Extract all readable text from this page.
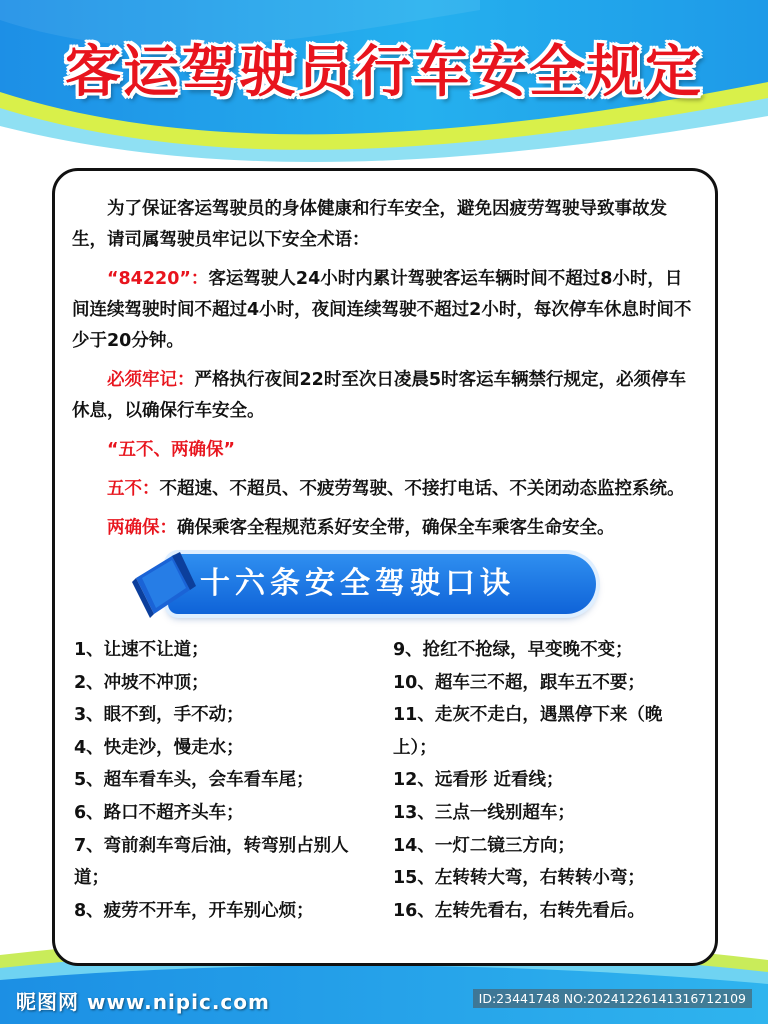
客运驾驶员行车安全规定

为了保证客运驾驶员的身体健康和行车安全，避免因疲劳驾驶导致事故发生，请司属驾驶员牢记以下安全术语：

“84220”：客运驾驶人24小时内累计驾驶客运车辆时间不超过8小时，日间连续驾驶时间不超过4小时，夜间连续驾驶不超过2小时，每次停车休息时间不少于20分钟。

必须牢记：严格执行夜间22时至次日凌晨5时客运车辆禁行规定，必须停车休息，以确保行车安全。

“五不、两确保”

五不：不超速、不超员、不疲劳驾驶、不接打电话、不关闭动态监控系统。

两确保：确保乘客全程规范系好安全带，确保全车乘客生命安全。

十六条安全驾驶口诀
1、让速不让道；
2、冲坡不冲顶；
3、眼不到，手不动；
4、快走沙，慢走水；
5、超车看车头，会车看车尾；
6、路口不超齐头车；
7、弯前刹车弯后油，转弯别占别人道；
8、疲劳不开车，开车别心烦；
9、抢红不抢绿，早变晚不变；
10、超车三不超，跟车五不要；
11、走灰不走白，遇黑停下来（晚上）；
12、远看形 近看线；
13、三点一线别超车；
14、一灯二镜三方向；
15、左转转大弯，右转转小弯；
16、左转先看右，右转先看后。
昵图网 www.nipic.com	ID:23441748 NO:20241226141316712109
